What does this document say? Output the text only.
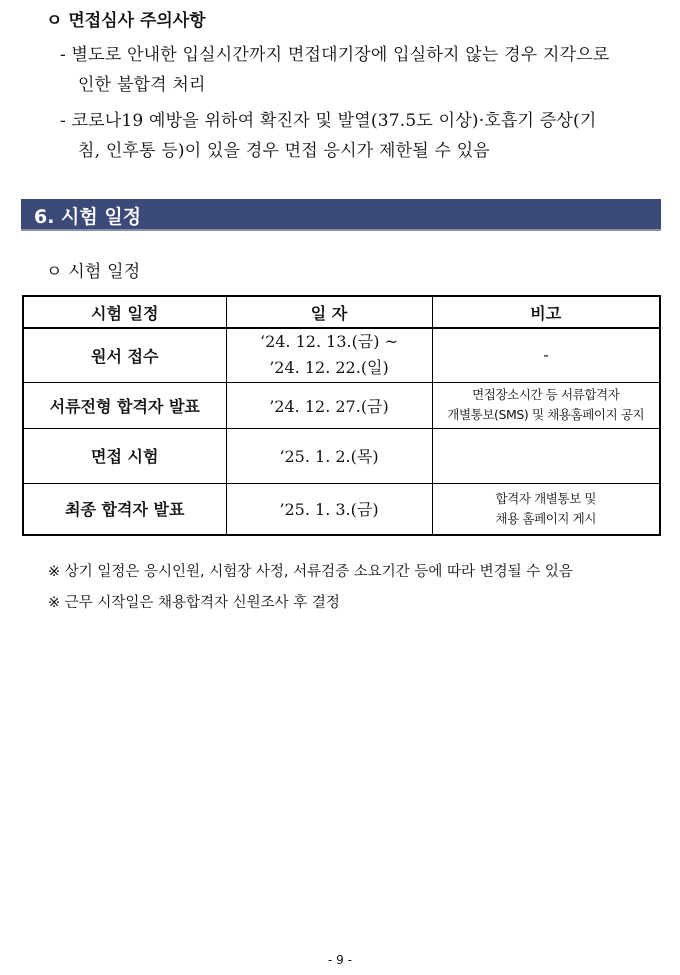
ㅇ 면접심사 주의사항
- 별도로 안내한 입실시간까지 면접대기장에 입실하지 않는 경우 지각으로
인한 불합격 처리
- 코로나19 예방을 위하여 확진자 및 발열(37.5도 이상)·호흡기 증상(기
침, 인후통 등)이 있을 경우 면접 응시가 제한될 수 있음
6. 시험 일정
ㅇ 시험 일정
시험 일정	일 자	비고
원서 접수	‘24. 12. 13.(금) ~
’24. 12. 22.(일)	-

서류전형 합격자 발표	’24. 12. 27.(금)	면접장소시간 등 서류합격자
개별통보(SMS) 및 채용홈페이지 공지

면접 시험	‘25. 1. 2.(목)	

최종 합격자 발표	’25. 1. 3.(금)	합격자 개별통보 및
채용 홈페이지 게시
※ 상기 일정은 응시인원, 시험장 사정, 서류검증 소요기간 등에 따라 변경될 수 있음
※ 근무 시작일은 채용합격자 신원조사 후 결정
- 9 -
